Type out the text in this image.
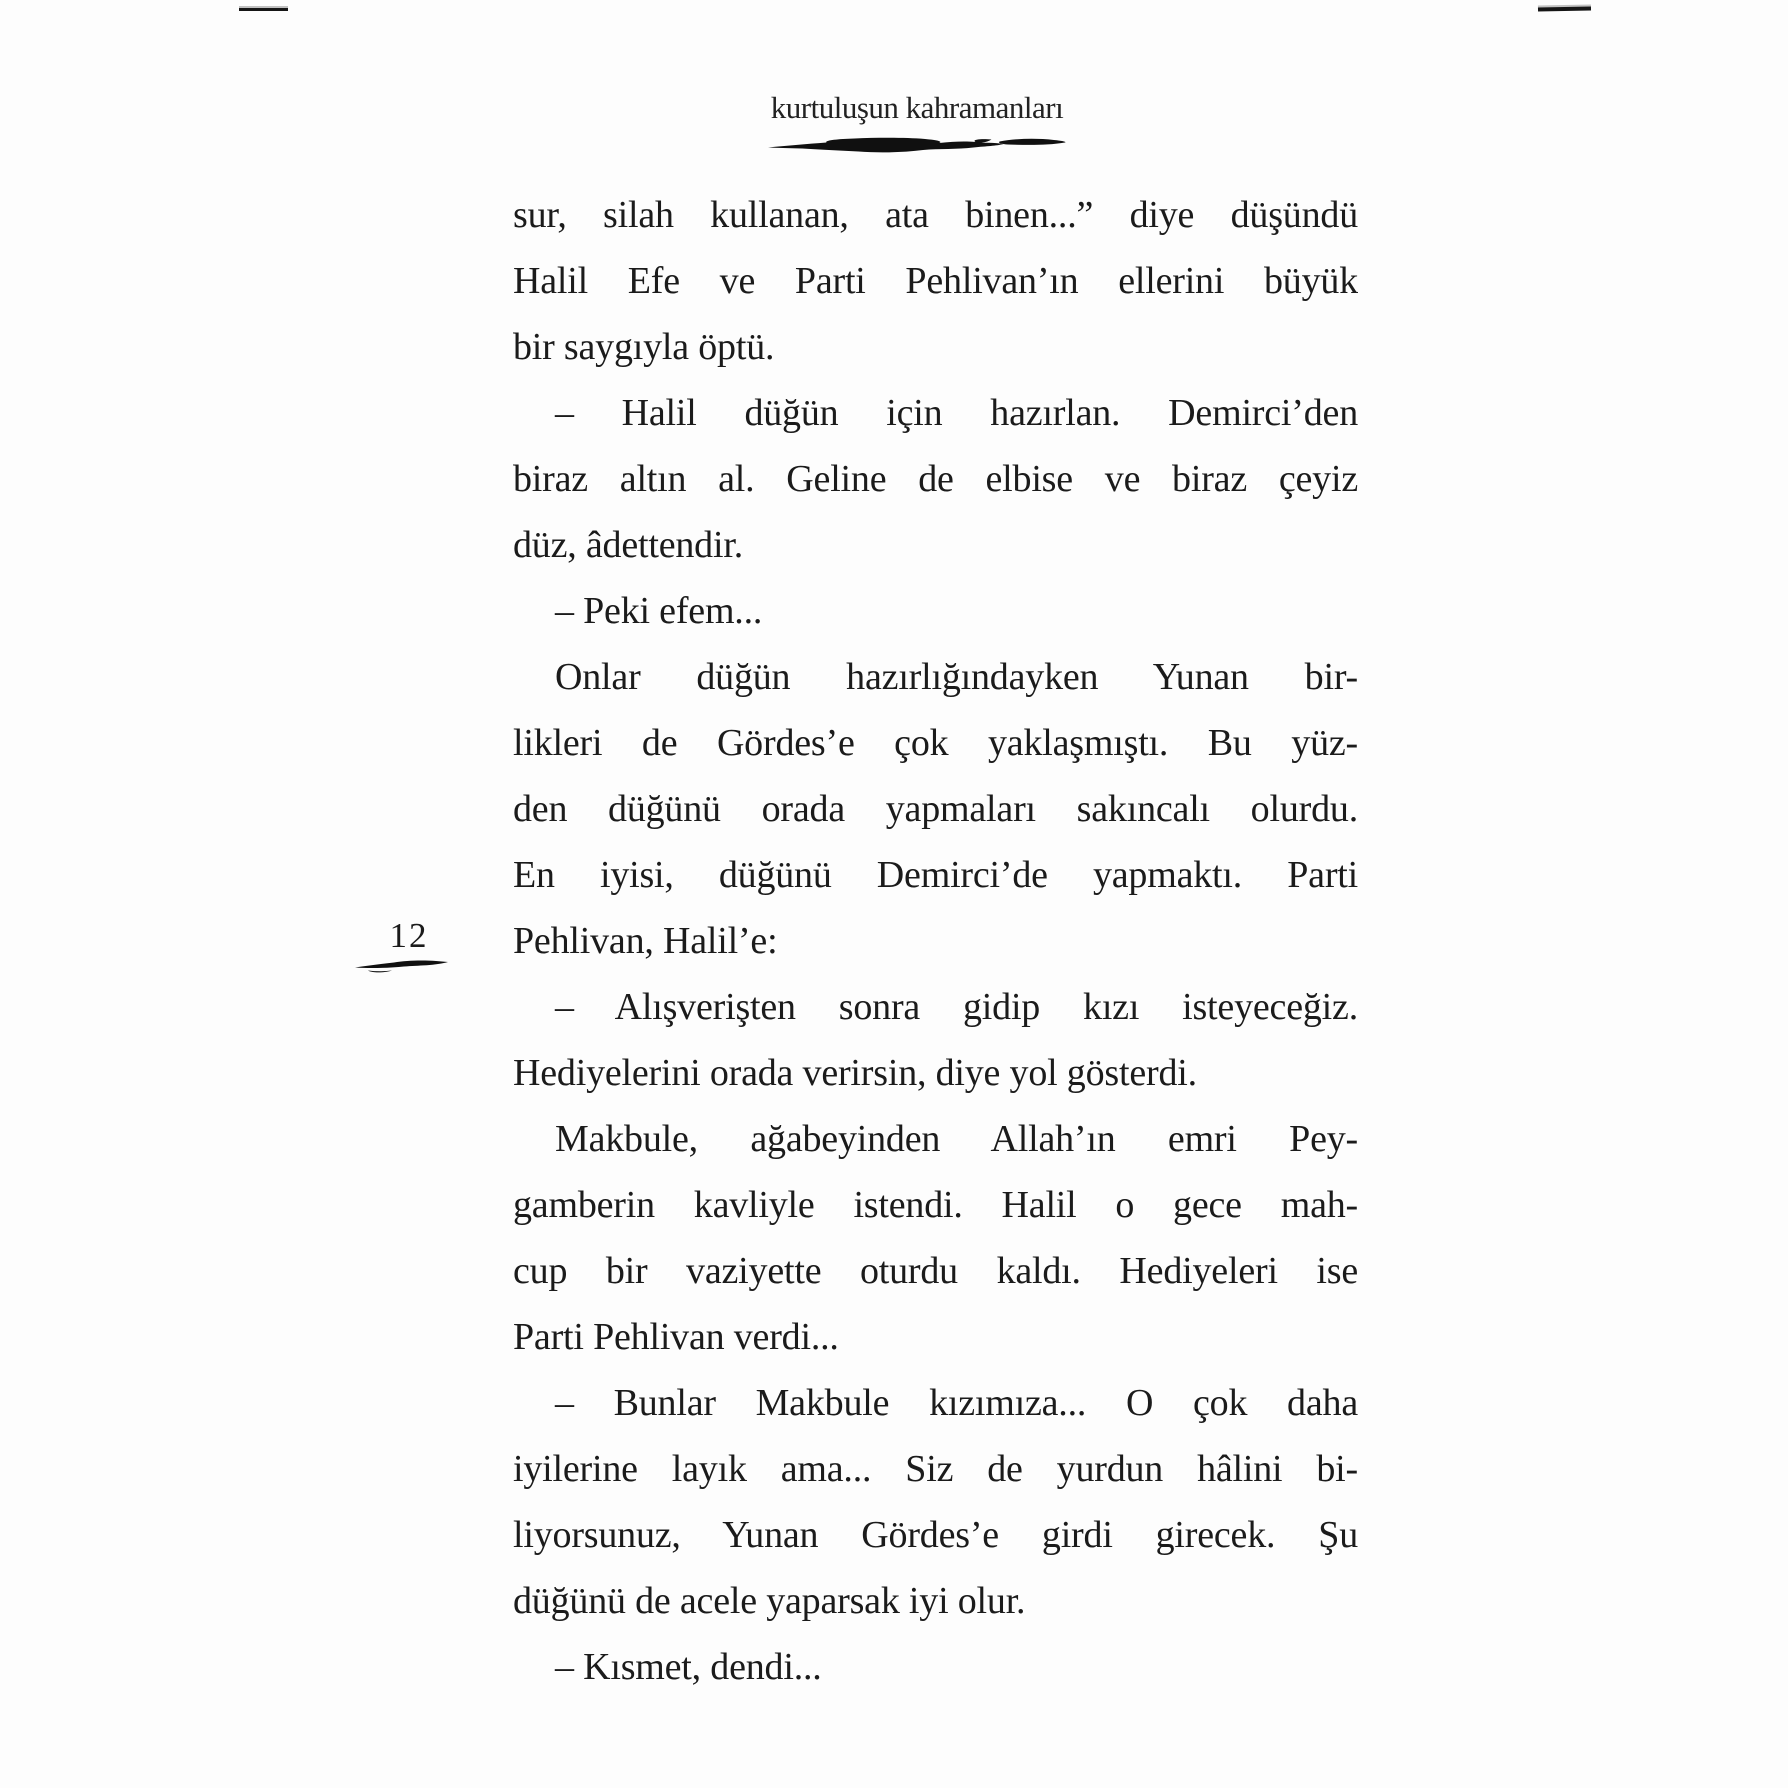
kurtuluşun kahramanları
12
sur, silah kullanan, ata binen...” diye düşündü
Halil Efe ve Parti Pehlivan’ın ellerini büyük
bir saygıyla öptü.
– Halil düğün için hazırlan. Demirci’den
biraz altın al. Geline de elbise ve biraz çeyiz
düz, âdettendir.
– Peki efem...
Onlar düğün hazırlığındayken Yunan bir-
likleri de Gördes’e çok yaklaşmıştı. Bu yüz-
den düğünü orada yapmaları sakıncalı olurdu.
En iyisi, düğünü Demirci’de yapmaktı. Parti
Pehlivan, Halil’e:
– Alışverişten sonra gidip kızı isteyeceğiz.
Hediyelerini orada verirsin, diye yol gösterdi.
Makbule, ağabeyinden Allah’ın emri Pey-
gamberin kavliyle istendi. Halil o gece mah-
cup bir vaziyette oturdu kaldı. Hediyeleri ise
Parti Pehlivan verdi...
– Bunlar Makbule kızımıza... O çok daha
iyilerine layık ama... Siz de yurdun hâlini bi-
liyorsunuz, Yunan Gördes’e girdi girecek. Şu
düğünü de acele yaparsak iyi olur.
– Kısmet, dendi...
